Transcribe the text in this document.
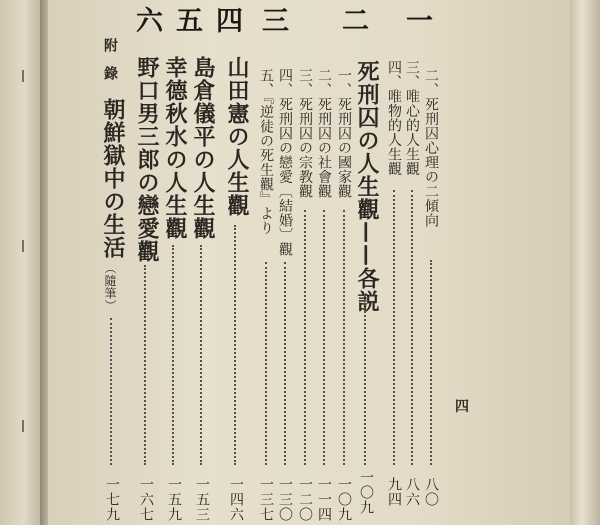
六 五 四 三 二 一
二、死刑囚心理の二傾向
八〇
三、唯心的人生觀
八六
四、唯物的人生觀
九四
死刑囚の人生觀——各説
一〇九
一、死刑囚の國家觀
一〇九
二、死刑囚の社會觀
一一四
三、死刑囚の宗教觀
一二〇
四、死刑囚の戀愛〔結婚〕觀
一三〇
五、『逆徒の死生觀』より
一三七
山田憲の人生觀
一四六
島倉儀平の人生觀
一五三
幸德秋水の人生觀
一五九
野口男三郎の戀愛觀
一六七
附錄
朝鮮獄中の生活
（隨筆）
一七九
四
